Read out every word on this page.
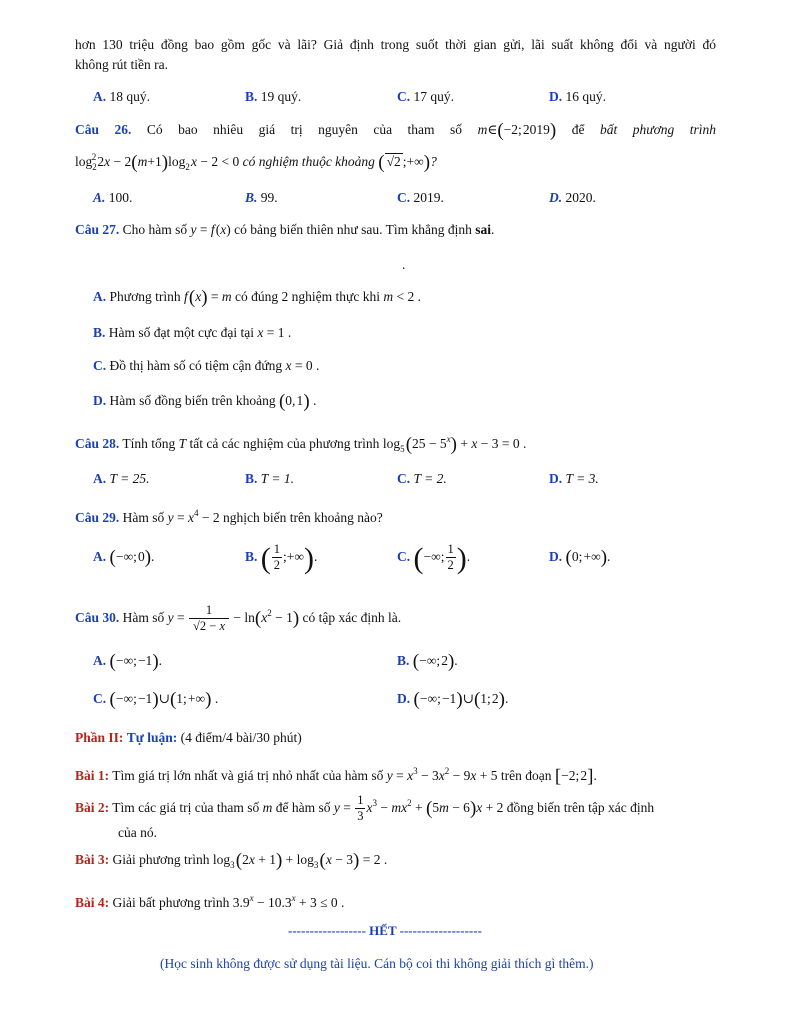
hơn 130 triệu đồng bao gồm gốc và lãi? Giả định trong suốt thời gian gửi, lãi suất không đổi và người đó
không rút tiền ra.
A. 18 quý.	B. 19 quý.	C. 17 quý.	D. 16 quý.
Câu 26. Có bao nhiêu giá trị nguyên của tham số m∈(−2; 2019) để bất phương trình
$\log_2^2$ $2x - 2(m+1)\log_2$ x − 2 < 0 có nghiệm thuộc khoảng ( √2 ;+∞)?
A. 100.	B. 99.	C. 2019.	D. 2020.
Câu 27. Cho hàm số y = f (x) có bảng biến thiên như sau. Tìm khẳng định sai.
.
A. Phương trình f (x) = m có đúng 2 nghiệm thực khi m < 2 .
B. Hàm số đạt một cực đại tại x = 1 .
C. Đồ thị hàm số có tiệm cận đứng x = 0 .
D. Hàm số đồng biến trên khoảng (0, 1) .
Câu 28. Tính tổng T tất cả các nghiệm của phương trình $\log_5$ $(25 - 5^x) + x - 3 = 0$ .
A. T = 25.	B. T = 1.	C. T = 2.	D. T = 3.
Câu 29. Hàm số $y = x^4 - 2$ nghịch biến trên khoảng nào?
A. (−∞; 0).	B. ( $\frac{1}{2}$ ;+∞).	C. (−∞; $\frac{1}{2}$ ).	D. (0; +∞).
Câu 30. Hàm số $y = \frac{1}{√2 - x} - \ln(x^2 - 1)$ có tập xác định là.
A. (−∞; −1).	B. (−∞; 2).
C. (−∞; −1)∪(1; +∞) .	D. (−∞; −1)∪(1; 2).
Phần II: Tự luận: (4 điểm/4 bài/30 phút)
Bài 1: Tìm giá trị lớn nhất và giá trị nhỏ nhất của hàm số $y = x^3 - 3x^2 - 9x + 5$ trên đoạn [−2; 2].
Bài 2: Tìm các giá trị của tham số m để hàm số $y = \frac{1}{3} x^3 - mx^2 + (5m - 6)x + 2$ đồng biến trên tập xác định
của nó.
Bài 3: Giải phương trình $\log_3$ $(2x + 1) + \log_3$ (x − 3) = 2 .
Bài 4: Giải bất phương trình $3.9^x - 10.3^x + 3 \le 0$ .
------------------ HẾT -------------------
(Học sinh không được sử dụng tài liệu. Cán bộ coi thi không giải thích gì thêm.)
